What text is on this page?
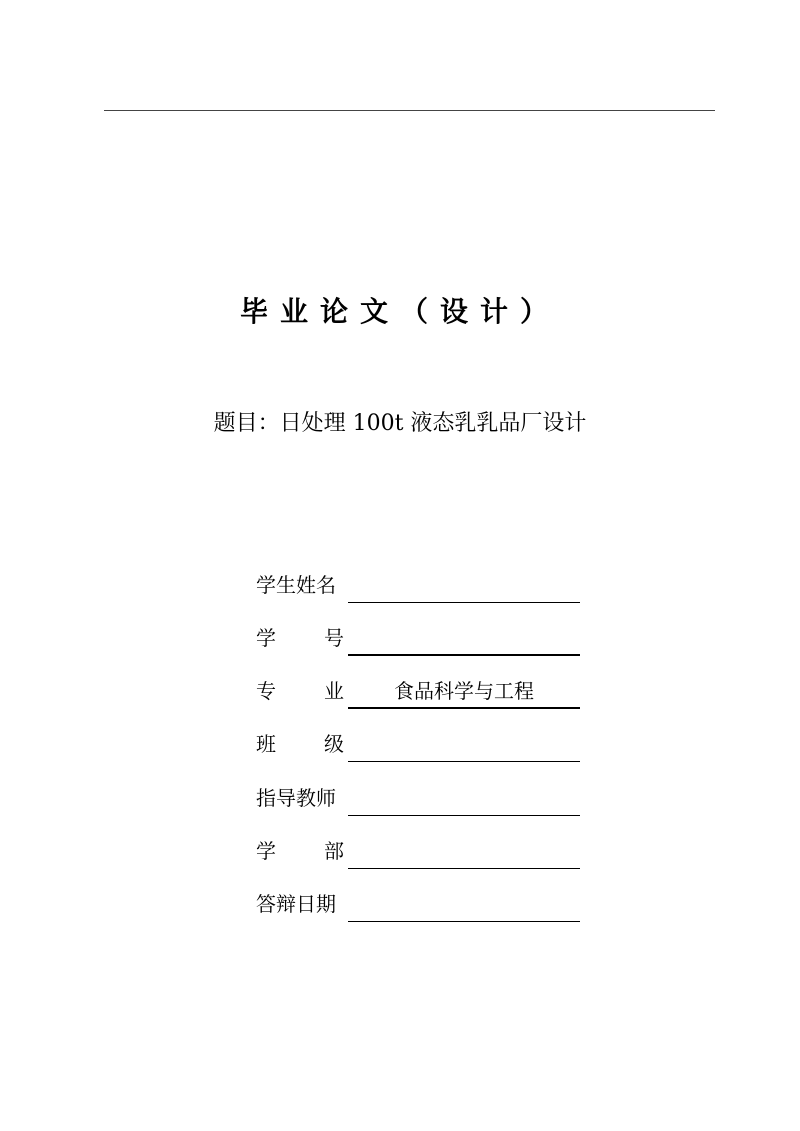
毕业论文（设计）
题目：日处理 100t 液态乳乳品厂设计
学生姓名
学 号
专 业	食品科学与工程
班 级
指导教师
学 部
答辩日期
